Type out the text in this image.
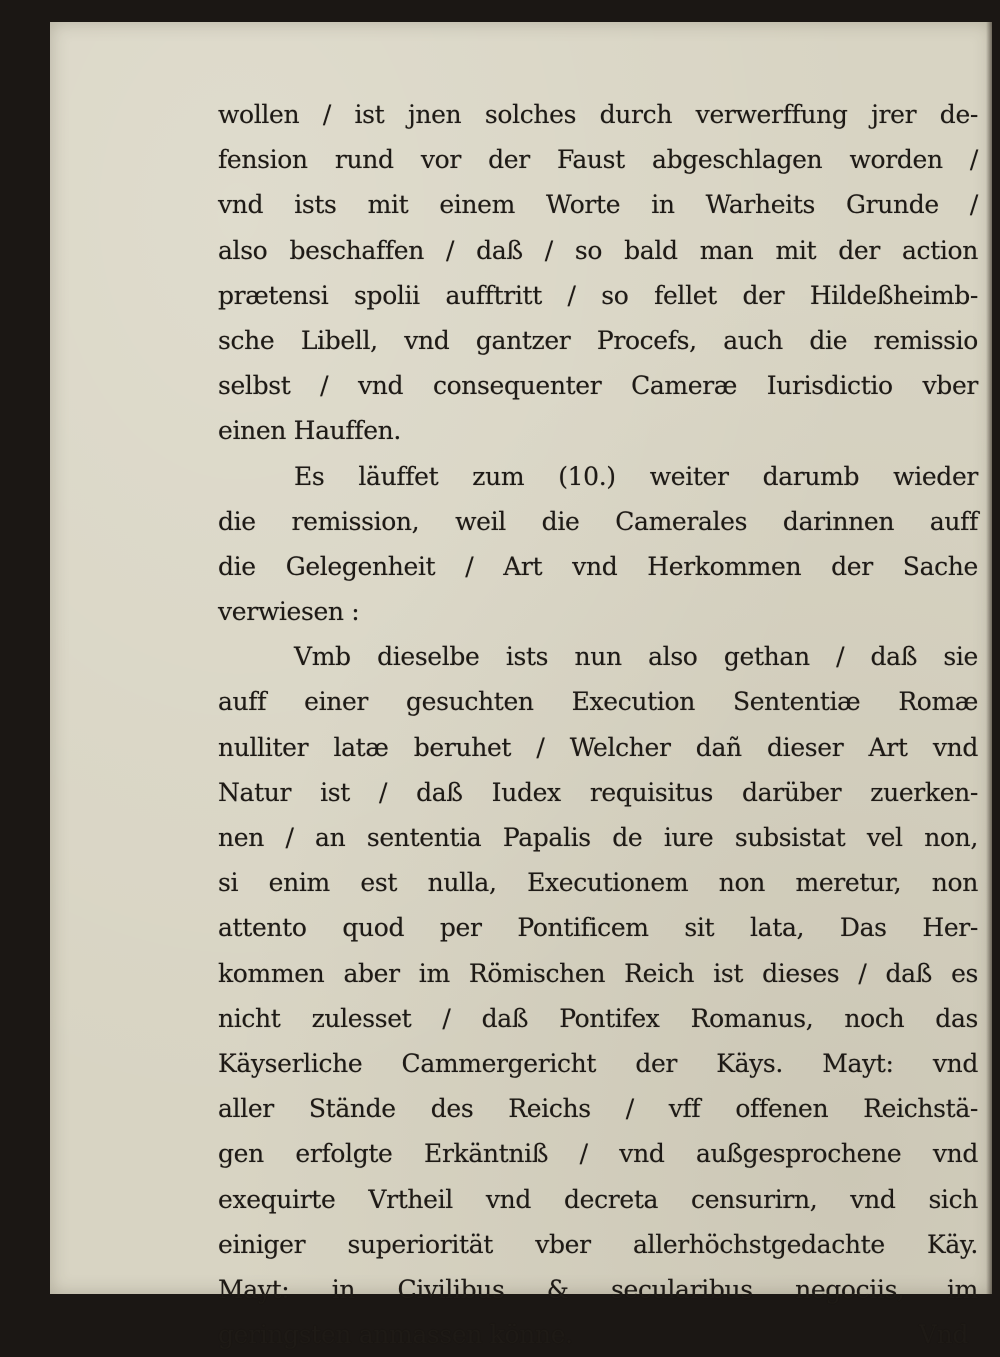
wollen / ist jnen solches durch verwerffung jrer de-
fension rund vor der Faust abgeschlagen worden /
vnd ists mit einem Worte in Warheits Grunde /
also beschaffen / daß / so bald man mit der action
prætensi spolii aufftritt / so fellet der Hildeßheimb-
sche Libell, vnd gantzer Procefs, auch die remissio
selbst / vnd consequenter Cameræ Iurisdictio vber
einen Hauffen.
Es läuffet zum (10.) weiter darumb wieder
die remission, weil die Camerales darinnen auff
die Gelegenheit / Art vnd Herkommen der Sache
verwiesen :
Vmb dieselbe ists nun also gethan / daß sie
auff einer gesuchten Execution Sententiæ Romæ
nulliter latæ beruhet / Welcher dañ dieser Art vnd
Natur ist / daß Iudex requisitus darüber zuerken-
nen / an sententia Papalis de iure subsistat vel non,
si enim est nulla, Executionem non meretur, non
attento quod per Pontificem sit lata, Das Her-
kommen aber im Römischen Reich ist dieses / daß es
nicht zulesset / daß Pontifex Romanus, noch das
Käyserliche Cammergericht der Käys. Mayt: vnd
aller Stände des Reichs / vff offenen Reichstä-
gen erfolgte Erkäntniß / vnd außgesprochene vnd
exequirte Vrtheil vnd decreta censurirn, vnd sich
einiger superiorität vber allerhöchstgedachte Käy.
Mayt: in Civilibus & secularibus negociis, im
geringsten anmassen könne.	Vnd
